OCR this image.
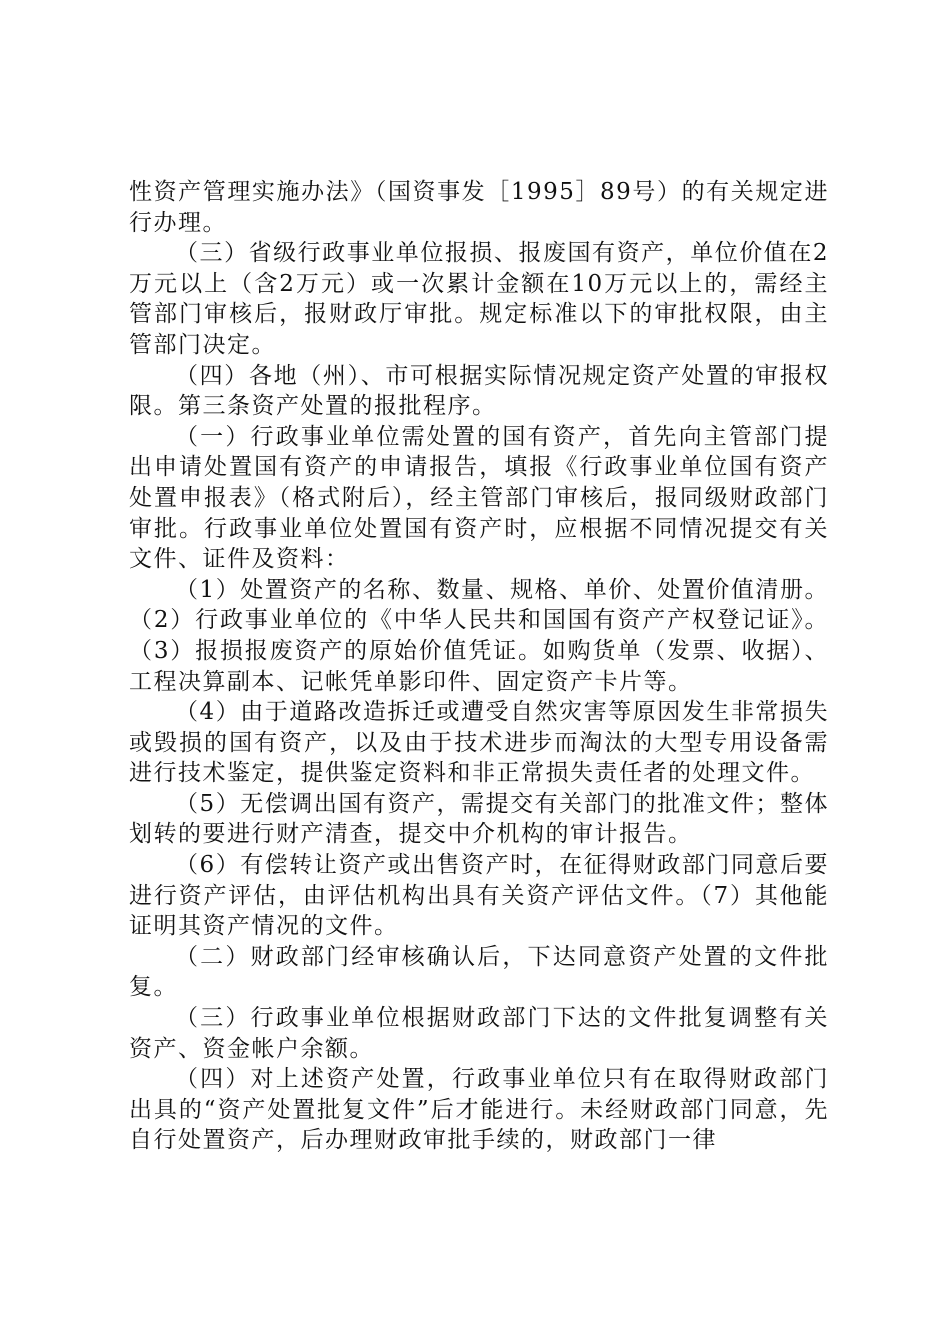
性资产管理实施办法》（国资事发［1995］89号）的有关规定进行办理。

（三）省级行政事业单位报损、报废国有资产，单位价值在2万元以上（含2万元）或一次累计金额在10万元以上的，需经主管部门审核后，报财政厅审批。规定标准以下的审批权限，由主管部门决定。

（四）各地（州）、市可根据实际情况规定资产处置的审报权限。第三条资产处置的报批程序。

（一）行政事业单位需处置的国有资产，首先向主管部门提出申请处置国有资产的申请报告，填报《行政事业单位国有资产处置申报表》（格式附后），经主管部门审核后，报同级财政部门审批。行政事业单位处置国有资产时，应根据不同情况提交有关文件、证件及资料：

（1）处置资产的名称、数量、规格、单价、处置价值清册。（2）行政事业单位的《中华人民共和国国有资产产权登记证》。（3）报损报废资产的原始价值凭证。如购货单（发票、收据）、工程决算副本、记帐凭单影印件、固定资产卡片等。

（4）由于道路改造拆迁或遭受自然灾害等原因发生非常损失或毁损的国有资产，以及由于技术进步而淘汰的大型专用设备需进行技术鉴定，提供鉴定资料和非正常损失责任者的处理文件。

（5）无偿调出国有资产，需提交有关部门的批准文件；整体划转的要进行财产清查，提交中介机构的审计报告。

（6）有偿转让资产或出售资产时，在征得财政部门同意后要进行资产评估，由评估机构出具有关资产评估文件。（7）其他能证明其资产情况的文件。

（二）财政部门经审核确认后，下达同意资产处置的文件批复。

（三）行政事业单位根据财政部门下达的文件批复调整有关资产、资金帐户余额。

（四）对上述资产处置，行政事业单位只有在取得财政部门出具的“资产处置批复文件”后才能进行。未经财政部门同意，先自行处置资产，后办理财政审批手续的，财政部门一律
